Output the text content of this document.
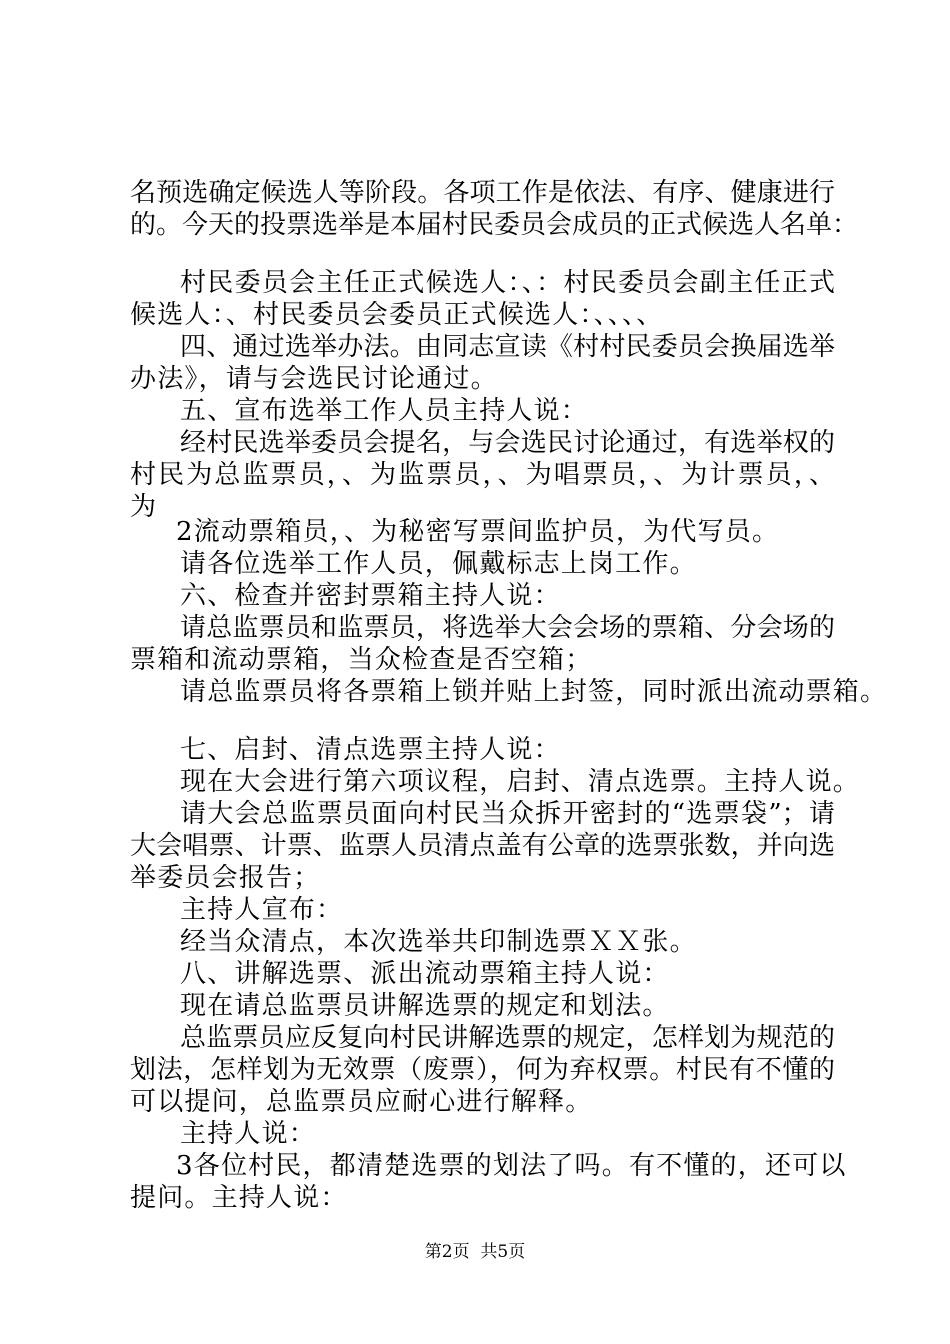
名预选确定候选人等阶段。各项工作是依法、有序、健康进行
的。今天的投票选举是本届村民委员会成员的正式候选人名单：
村民委员会主任正式候选人：、：村民委员会副主任正式
候选人：、村民委员会委员正式候选人：、、、、
四、通过选举办法。由同志宣读《村村民委员会换届选举
办法》，请与会选民讨论通过。
五、宣布选举工作人员主持人说：
经村民选举委员会提名，与会选民讨论通过，有选举权的
村民为总监票员，、为监票员，、为唱票员，、为计票员，、
为
2流动票箱员，、为秘密写票间监护员，为代写员。
请各位选举工作人员，佩戴标志上岗工作。
六、检查并密封票箱主持人说：
请总监票员和监票员，将选举大会会场的票箱、分会场的
票箱和流动票箱，当众检查是否空箱；
请总监票员将各票箱上锁并贴上封签，同时派出流动票箱。
七、启封、清点选票主持人说：
现在大会进行第六项议程，启封、清点选票。主持人说。
请大会总监票员面向村民当众拆开密封的“选票袋”；请
大会唱票、计票、监票人员清点盖有公章的选票张数，并向选
举委员会报告；
主持人宣布：
经当众清点，本次选举共印制选票ＸＸ张。
八、讲解选票、派出流动票箱主持人说：
现在请总监票员讲解选票的规定和划法。
总监票员应反复向村民讲解选票的规定，怎样划为规范的
划法，怎样划为无效票（废票），何为弃权票。村民有不懂的
可以提问，总监票员应耐心进行解释。
主持人说：
3各位村民，都清楚选票的划法了吗。有不懂的，还可以
提问。主持人说：
第2页  共5页
